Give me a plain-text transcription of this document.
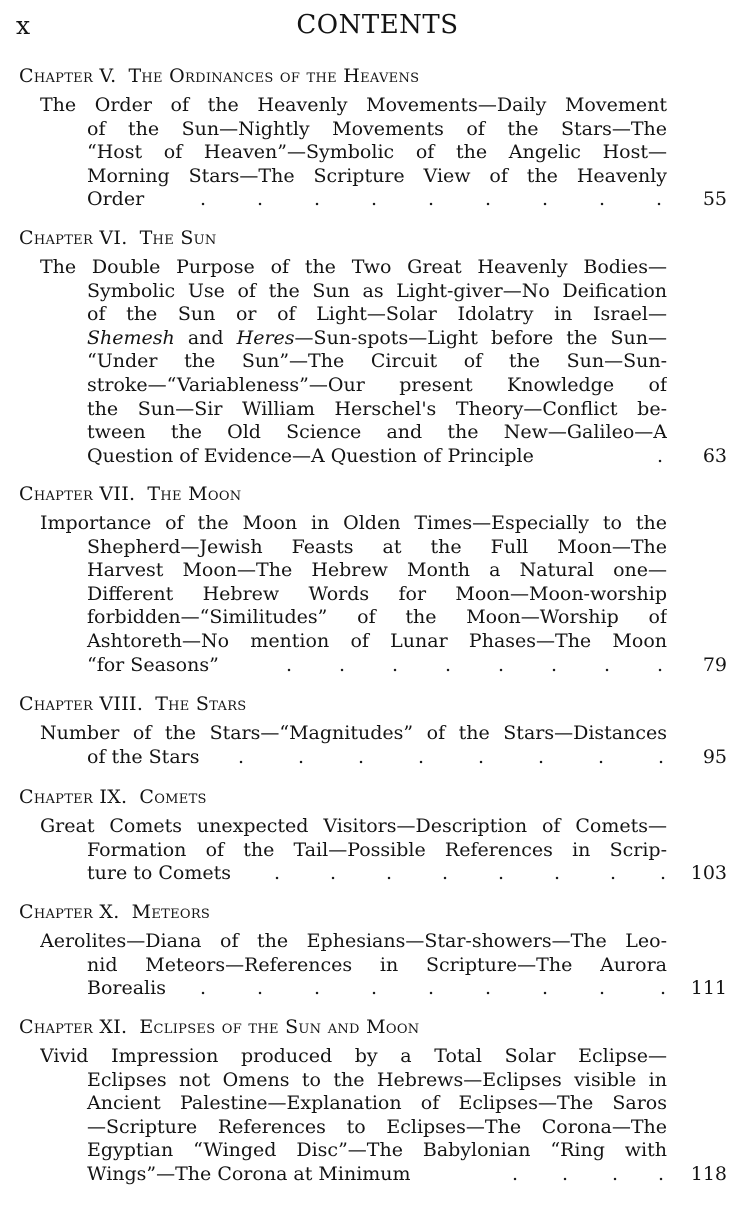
x	CONTENTS
Chapter V. The Ordinances of the Heavens
The Order of the Heavenly Movements—Daily Movement
of the Sun—Nightly Movements of the Stars—The
“Host of Heaven”—Symbolic of the Angelic Host—
Morning Stars—The Scripture View of the Heavenly
Order	.	.	.	.	.	.	.	.	. 55
Chapter VI. The Sun
The Double Purpose of the Two Great Heavenly Bodies—
Symbolic Use of the Sun as Light-giver—No Deification
of the Sun or of Light—Solar Idolatry in Israel—
Shemesh and Heres—Sun-spots—Light before the Sun—
“Under the Sun”—The Circuit of the Sun—Sun-
stroke—“Variableness”—Our present Knowledge of
the Sun—Sir William Herschel's Theory—Conflict be-
tween the Old Science and the New—Galileo—A
Question of Evidence—A Question of Principle	. 63
Chapter VII. The Moon
Importance of the Moon in Olden Times—Especially to the
Shepherd—Jewish Feasts at the Full Moon—The
Harvest Moon—The Hebrew Month a Natural one—
Different Hebrew Words for Moon—Moon-worship
forbidden—“Similitudes” of the Moon—Worship of
Ashtoreth—No mention of Lunar Phases—The Moon
“for Seasons”	. . . . . . . . 79
Chapter VIII. The Stars
Number of the Stars—“Magnitudes” of the Stars—Distances
of the Stars	.	.	.	.	.	.	.	. 95
Chapter IX. Comets
Great Comets unexpected Visitors—Description of Comets—
Formation of the Tail—Possible References in Scrip-
ture to Comets	.	.	.	.	.	.	. . 103
Chapter X. Meteors
Aerolites—Diana of the Ephesians—Star-showers—The Leo-
nid Meteors—References in Scripture—The Aurora
Borealis	.	.	.	.	.	.	.	.	. 111
Chapter XI. Eclipses of the Sun and Moon
Vivid Impression produced by a Total Solar Eclipse—
Eclipses not Omens to the Hebrews—Eclipses visible in
Ancient Palestine—Explanation of Eclipses—The Saros
—Scripture References to Eclipses—The Corona—The
Egyptian “Winged Disc”—The Babylonian “Ring with
Wings”—The Corona at Minimum	. . . . 118
